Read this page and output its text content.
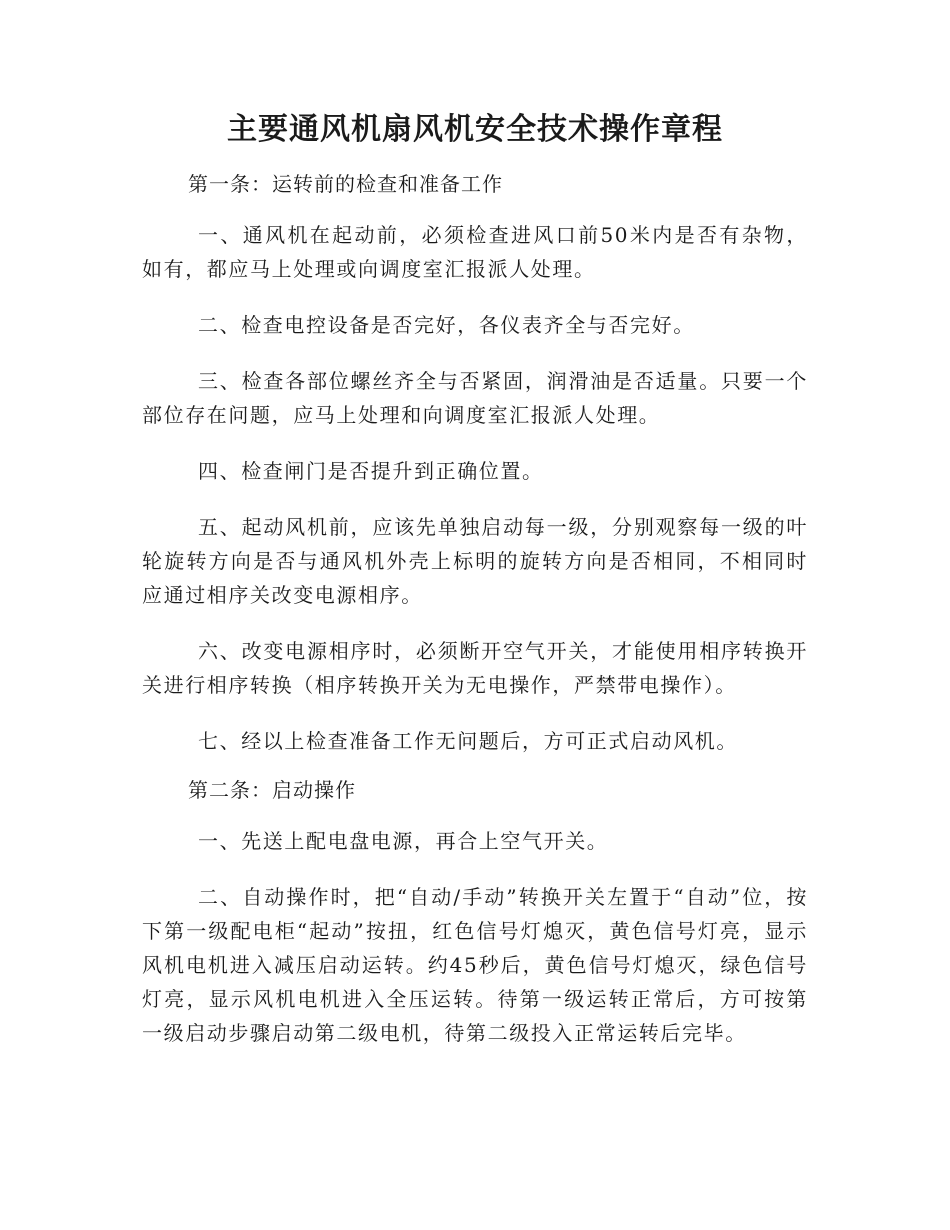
主要通风机扇风机安全技术操作章程

第一条：运转前的检查和准备工作

一、通风机在起动前，必须检查进风口前50米内是否有杂物，如有，都应马上处理或向调度室汇报派人处理。

二、检查电控设备是否完好，各仪表齐全与否完好。

三、检查各部位螺丝齐全与否紧固，润滑油是否适量。只要一个部位存在问题，应马上处理和向调度室汇报派人处理。

四、检查闸门是否提升到正确位置。

五、起动风机前，应该先单独启动每一级，分别观察每一级的叶轮旋转方向是否与通风机外壳上标明的旋转方向是否相同，不相同时应通过相序关改变电源相序。

六、改变电源相序时，必须断开空气开关，才能使用相序转换开关进行相序转换（相序转换开关为无电操作，严禁带电操作）。

七、经以上检查准备工作无问题后，方可正式启动风机。

第二条：启动操作

一、先送上配电盘电源，再合上空气开关。

二、自动操作时，把“自动/手动”转换开关左置于“自动”位，按下第一级配电柜“起动”按扭，红色信号灯熄灭，黄色信号灯亮，显示风机电机进入减压启动运转。约45秒后，黄色信号灯熄灭，绿色信号灯亮，显示风机电机进入全压运转。待第一级运转正常后，方可按第一级启动步骤启动第二级电机，待第二级投入正常运转后完毕。
